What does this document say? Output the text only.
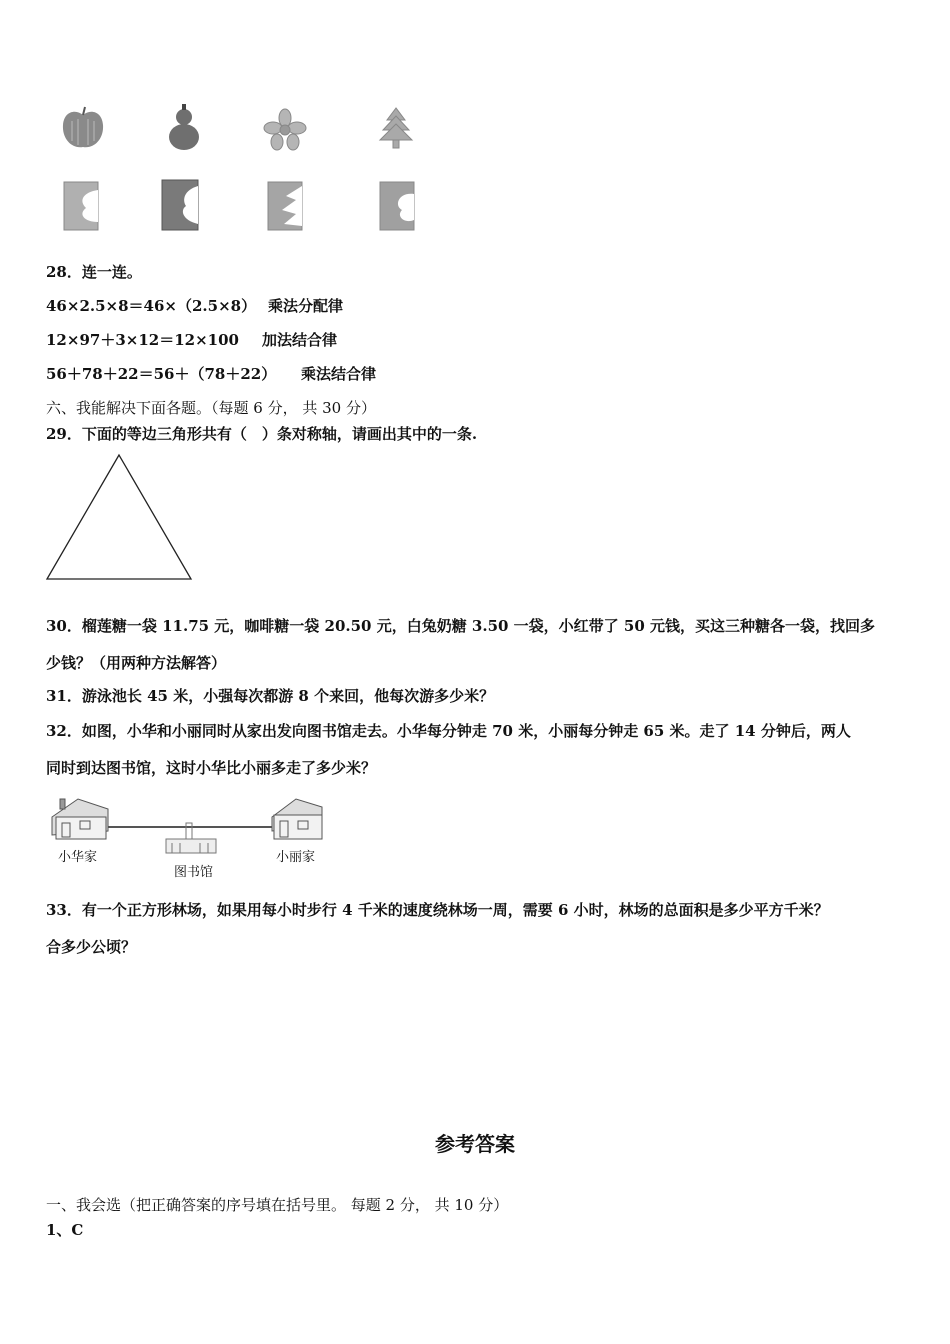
28．连一连。
46×2.5×8＝46×（2.5×8） 乘法分配律
12×97＋3×12＝12×100 加法结合律
56＋78＋22＝56＋（78＋22） 乘法结合律
六、我能解决下面各题。（每题 6 分， 共 30 分）
29．下面的等边三角形共有（　）条对称轴，请画出其中的一条.
30．榴莲糖一袋 11.75 元，咖啡糖一袋 20.50 元，白兔奶糖 3.50 一袋，小红带了 50 元钱，买这三种糖各一袋，找回多
少钱？（用两种方法解答）
31．游泳池长 45 米，小强每次都游 8 个来回，他每次游多少米？
32．如图，小华和小丽同时从家出发向图书馆走去。小华每分钟走 70 米，小丽每分钟走 65 米。走了 14 分钟后，两人
同时到达图书馆，这时小华比小丽多走了多少米？
小华家
图书馆
小丽家
33．有一个正方形林场，如果用每小时步行 4 千米的速度绕林场一周，需要 6 小时，林场的总面积是多少平方千米？
合多少公顷？
参考答案
一、我会选（把正确答案的序号填在括号里。 每题 2 分， 共 10 分）
1、C
